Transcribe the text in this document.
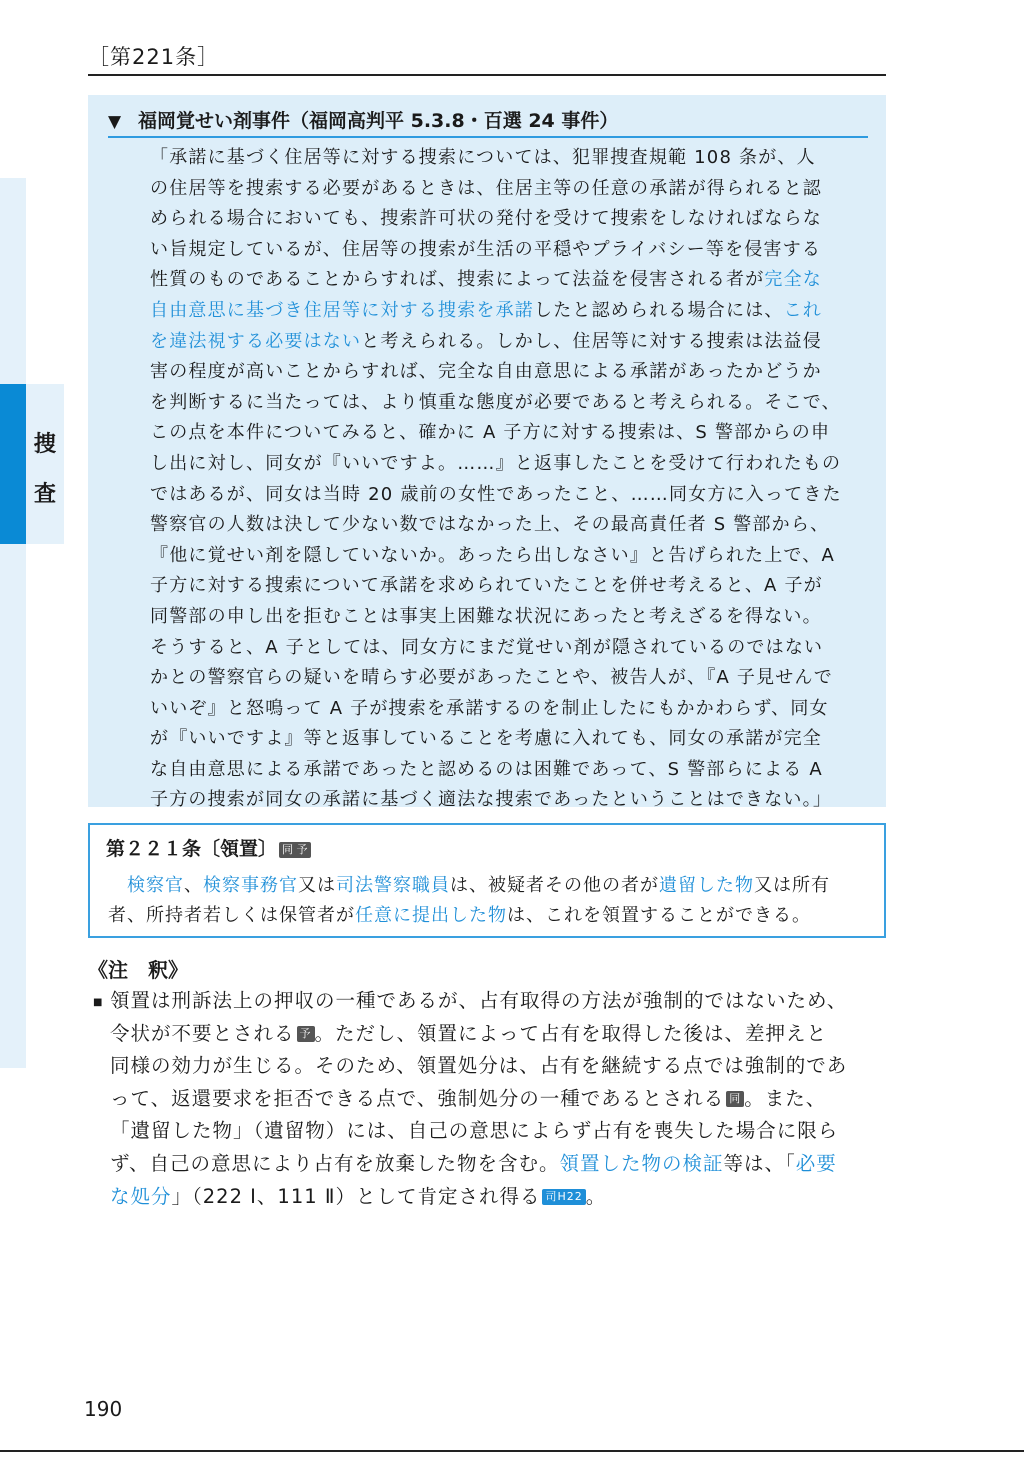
［第221条］
捜
査
▼ 福岡覚せい剤事件（福岡高判平 5.3.8・百選 24 事件）

「承諾に基づく住居等に対する捜索については、犯罪捜査規範 108 条が、人

の住居等を捜索する必要があるときは、住居主等の任意の承諾が得られると認

められる場合においても、捜索許可状の発付を受けて捜索をしなければならな

い旨規定しているが、住居等の捜索が生活の平穏やプライバシー等を侵害する

性質のものであることからすれば、捜索によって法益を侵害される者が完全な

自由意思に基づき住居等に対する捜索を承諾したと認められる場合には、これ

を違法視する必要はないと考えられる。しかし、住居等に対する捜索は法益侵

害の程度が高いことからすれば、完全な自由意思による承諾があったかどうか

を判断するに当たっては、より慎重な態度が必要であると考えられる。そこで、

この点を本件についてみると、確かに A 子方に対する捜索は、S 警部からの申

し出に対し、同女が『いいですよ。……』と返事したことを受けて行われたもの

ではあるが、同女は当時 20 歳前の女性であったこと、……同女方に入ってきた

警察官の人数は決して少ない数ではなかった上、その最高責任者 S 警部から、

『他に覚せい剤を隠していないか。あったら出しなさい』と告げられた上で、A

子方に対する捜索について承諾を求められていたことを併せ考えると、A 子が

同警部の申し出を拒むことは事実上困難な状況にあったと考えざるを得ない。

そうすると、A 子としては、同女方にまだ覚せい剤が隠されているのではない

かとの警察官らの疑いを晴らす必要があったことや、被告人が、『A 子見せんで

いいぞ』と怒鳴って A 子が捜索を承諾するのを制止したにもかかわらず、同女

が『いいですよ』等と返事していることを考慮に入れても、同女の承諾が完全

な自由意思による承諾であったと認めるのは困難であって、S 警部らによる A

子方の捜索が同女の承諾に基づく適法な捜索であったということはできない。」

第２２１条〔領置〕 同 予

　検察官、検察事務官又は司法警察職員は、被疑者その他の者が遺留した物又は所有

者、所持者若しくは保管者が任意に提出した物は、これを領置することができる。

《注　釈》
■ 領置は刑訴法上の押収の一種であるが、占有取得の方法が強制的ではないため、

令状が不要とされる 予 。ただし、領置によって占有を取得した後は、差押えと

同様の効力が生じる。そのため、領置処分は、占有を継続する点では強制的であ

って、返還要求を拒否できる点で、強制処分の一種であるとされる 同 。また、

「遺留した物」（遺留物）には、自己の意思によらず占有を喪失した場合に限ら

ず、自己の意思により占有を放棄した物を含む。領置した物の検証等は、「必要

な処分」（222 Ⅰ、111 Ⅱ）として肯定され得る 司H22 。

190
